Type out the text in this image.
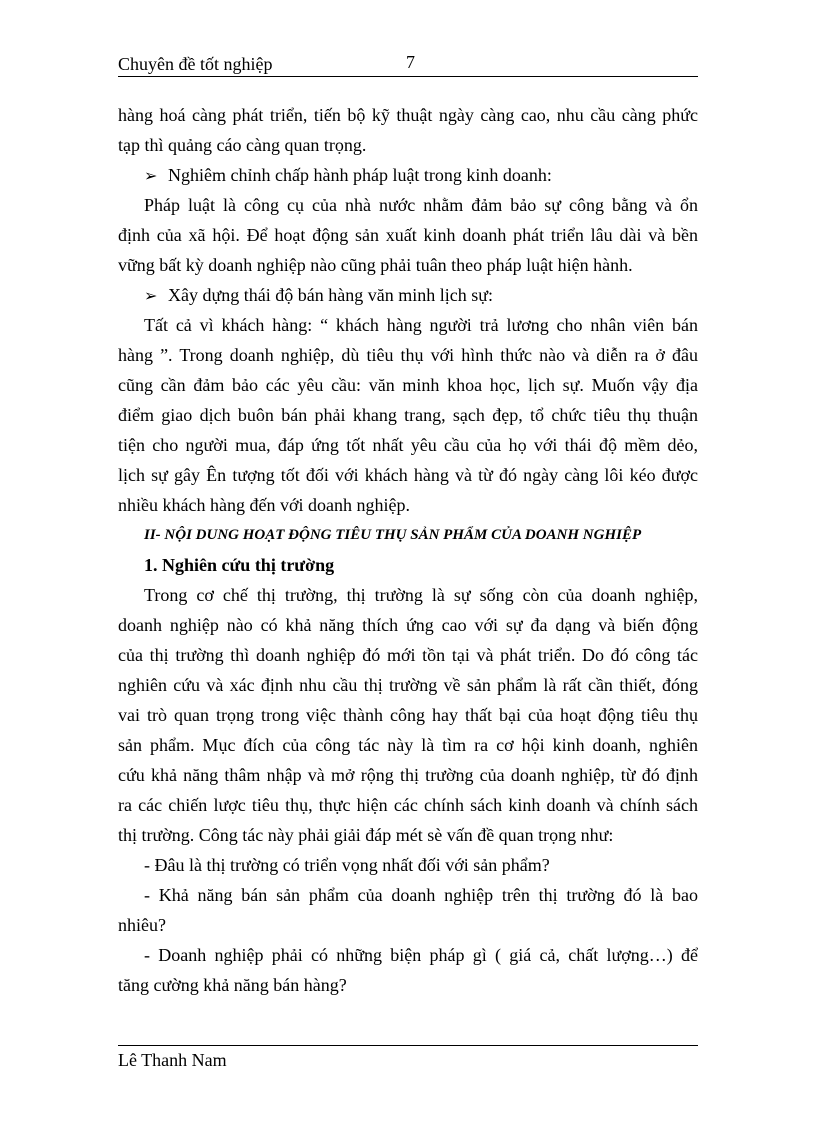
Chuyên đề tốt nghiệp	7
hàng hoá càng phát triển, tiến bộ kỹ thuật ngày càng cao, nhu cầu càng phức
tạp thì quảng cáo càng quan trọng.
➢ Nghiêm chỉnh chấp hành pháp luật trong kinh doanh:
Pháp luật là công cụ của nhà nước nhằm đảm bảo sự công bằng và ổn
định của xã hội. Để hoạt động sản xuất kinh doanh phát triển lâu dài và bền
vững bất kỳ doanh nghiệp nào cũng phải tuân theo pháp luật hiện hành.
➢ Xây dựng thái độ bán hàng văn minh lịch sự:
Tất cả vì khách hàng: “ khách hàng người trả lương cho nhân viên bán
hàng ”. Trong doanh nghiệp, dù tiêu thụ với hình thức nào và diễn ra ở đâu
cũng cần đảm bảo các yêu cầu: văn minh khoa học, lịch sự. Muốn vậy địa
điểm giao dịch buôn bán phải khang trang, sạch đẹp, tổ chức tiêu thụ thuận
tiện cho người mua, đáp ứng tốt nhất yêu cầu của họ với thái độ mềm dẻo,
lịch sự gây Ên tượng tốt đối với khách hàng và từ đó ngày càng lôi kéo được
nhiều khách hàng đến với doanh nghiệp.
II- NỘI DUNG HOẠT ĐỘNG TIÊU THỤ SẢN PHẨM CỦA DOANH NGHIỆP
1. Nghiên cứu thị trường
Trong cơ chế thị trường, thị trường là sự sống còn của doanh nghiệp,
doanh nghiệp nào có khả năng thích ứng cao với sự đa dạng và biến động
của thị trường thì doanh nghiệp đó mới tồn tại và phát triển. Do đó công tác
nghiên cứu và xác định nhu cầu thị trường về sản phẩm là rất cần thiết, đóng
vai trò quan trọng trong việc thành công hay thất bại của hoạt động tiêu thụ
sản phẩm. Mục đích của công tác này là tìm ra cơ hội kinh doanh, nghiên
cứu khả năng thâm nhập và mở rộng thị trường của doanh nghiệp, từ đó định
ra các chiến lược tiêu thụ, thực hiện các chính sách kinh doanh và chính sách
thị trường. Công tác này phải giải đáp mét sè vấn đề quan trọng như:
- Đâu là thị trường có triển vọng nhất đối với sản phẩm?
- Khả năng bán sản phẩm của doanh nghiệp trên thị trường đó là bao
nhiêu?
- Doanh nghiệp phải có những biện pháp gì ( giá cả, chất lượng…) để
tăng cường khả năng bán hàng?
Lê Thanh Nam
